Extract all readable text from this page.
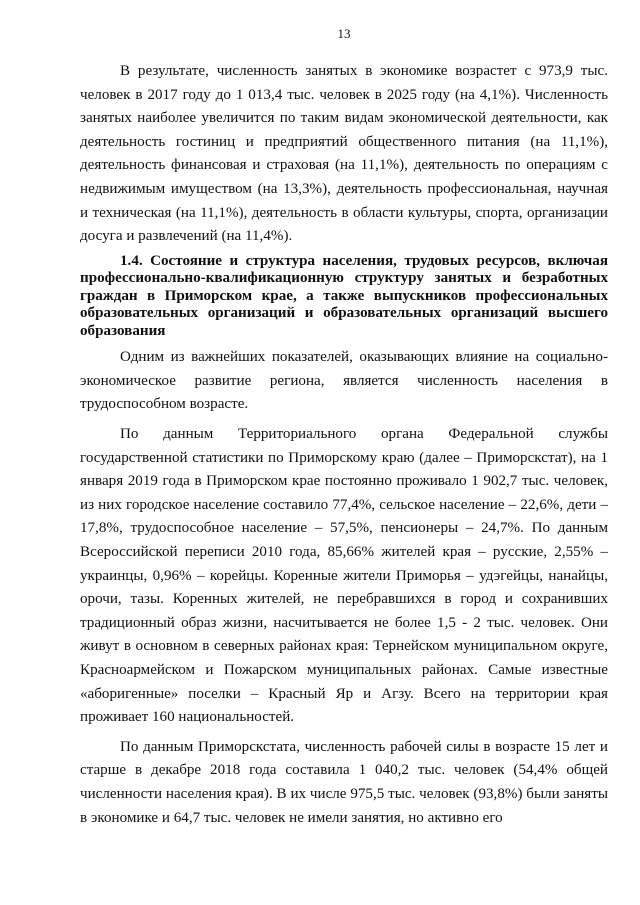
13

В результате, численность занятых в экономике возрастет с 973,9 тыс. человек в 2017 году до 1 013,4 тыс. человек в 2025 году (на 4,1%). Численность занятых наиболее увеличится по таким видам экономической деятельности, как деятельность гостиниц и предприятий общественного питания (на 11,1%), деятельность финансовая и страховая (на 11,1%), деятельность по операциям с недвижимым имуществом (на 13,3%), деятельность профессиональная, научная и техническая (на 11,1%), деятельность в области культуры, спорта, организации досуга и развлечений (на 11,4%).

1.4. Состояние и структура населения, трудовых ресурсов, включая профессионально-квалификационную структуру занятых и безработных граждан в Приморском крае, а также выпускников профессиональных образовательных организаций и образовательных организаций высшего образования

Одним из важнейших показателей, оказывающих влияние на социально-экономическое развитие региона, является численность населения в трудоспособном возрасте.

По данным Территориального органа Федеральной службы государственной статистики по Приморскому краю (далее – Приморскстат), на 1 января 2019 года в Приморском крае постоянно проживало 1 902,7 тыс. человек, из них городское население составило 77,4%, сельское население – 22,6%, дети – 17,8%, трудоспособное население – 57,5%, пенсионеры – 24,7%. По данным Всероссийской переписи 2010 года, 85,66% жителей края – русские, 2,55% – украинцы, 0,96% – корейцы. Коренные жители Приморья – удэгейцы, нанайцы, орочи, тазы. Коренных жителей, не перебравшихся в город и сохранивших традиционный образ жизни, насчитывается не более 1,5 - 2 тыс. человек. Они живут в основном в северных районах края: Тернейском муниципальном округе, Красноармейском и Пожарском муниципальных районах. Самые известные «аборигенные» поселки – Красный Яр и Агзу. Всего на территории края проживает 160 национальностей.

По данным Приморскстата, численность рабочей силы в возрасте 15 лет и старше в декабре 2018 года составила 1 040,2 тыс. человек (54,4% общей численности населения края). В их числе 975,5 тыс. человек (93,8%) были заняты в экономике и 64,7 тыс. человек не имели занятия, но активно его
